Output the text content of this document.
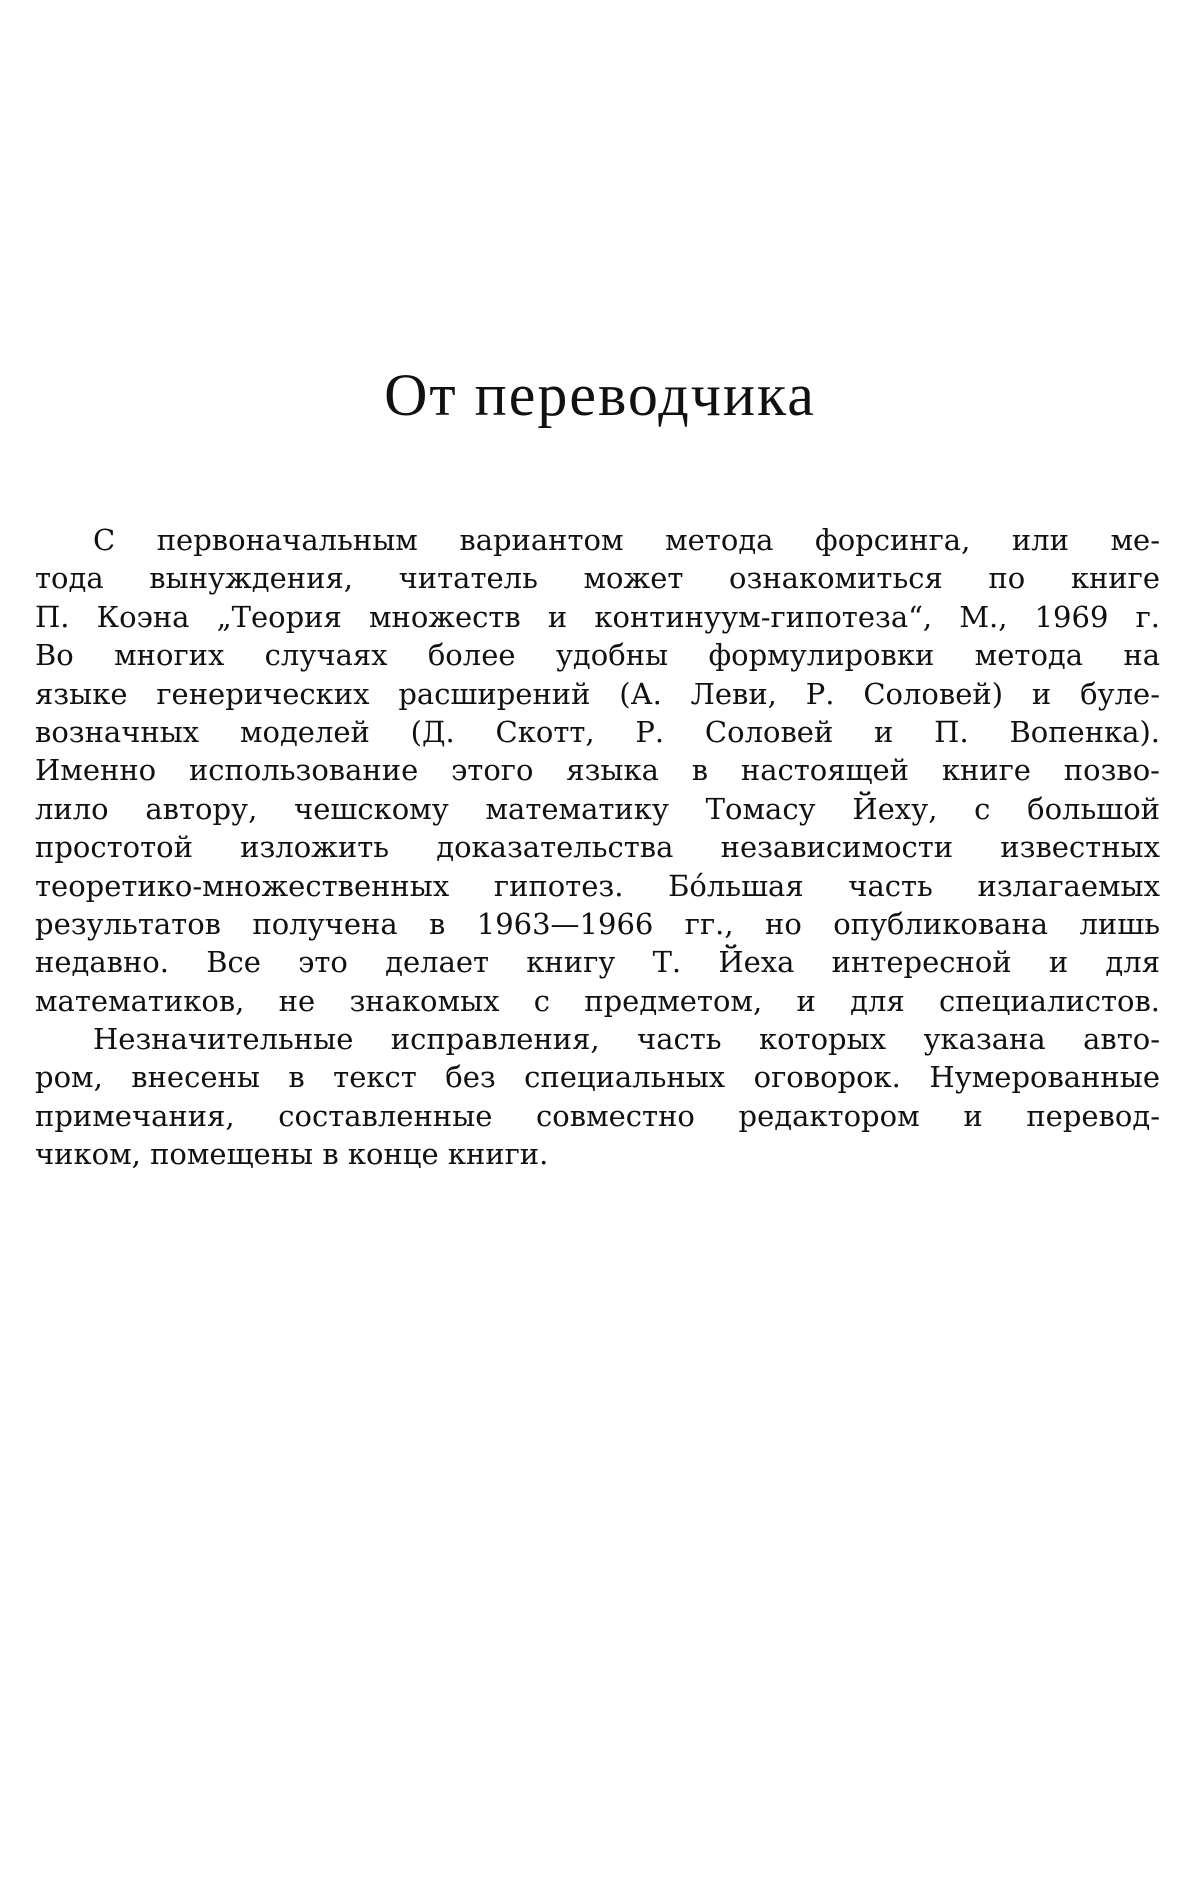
От переводчика

С первоначальным вариантом метода форсинга, или ме-
тода вынуждения, читатель может ознакомиться по книге
П. Коэна „Теория множеств и континуум-гипотеза“, М., 1969 г.
Во многих случаях более удобны формулировки метода на
языке генерических расширений (А. Леви, Р. Соловей) и буле-
возначных моделей (Д. Скотт, Р. Соловей и П. Вопенка).
Именно использование этого языка в настоящей книге позво-
лило автору, чешскому математику Томасу Йеху, с большой
простотой изложить доказательства независимости известных
теоретико-множественных гипотез. Бóльшая часть излагаемых
результатов получена в 1963—1966 гг., но опубликована лишь
недавно. Все это делает книгу Т. Йеха интересной и для
математиков, не знакомых с предметом, и для специалистов.

Незначительные исправления, часть которых указана авто-
ром, внесены в текст без специальных оговорок. Нумерованные
примечания, составленные совместно редактором и перевод-
чиком, помещены в конце книги.
